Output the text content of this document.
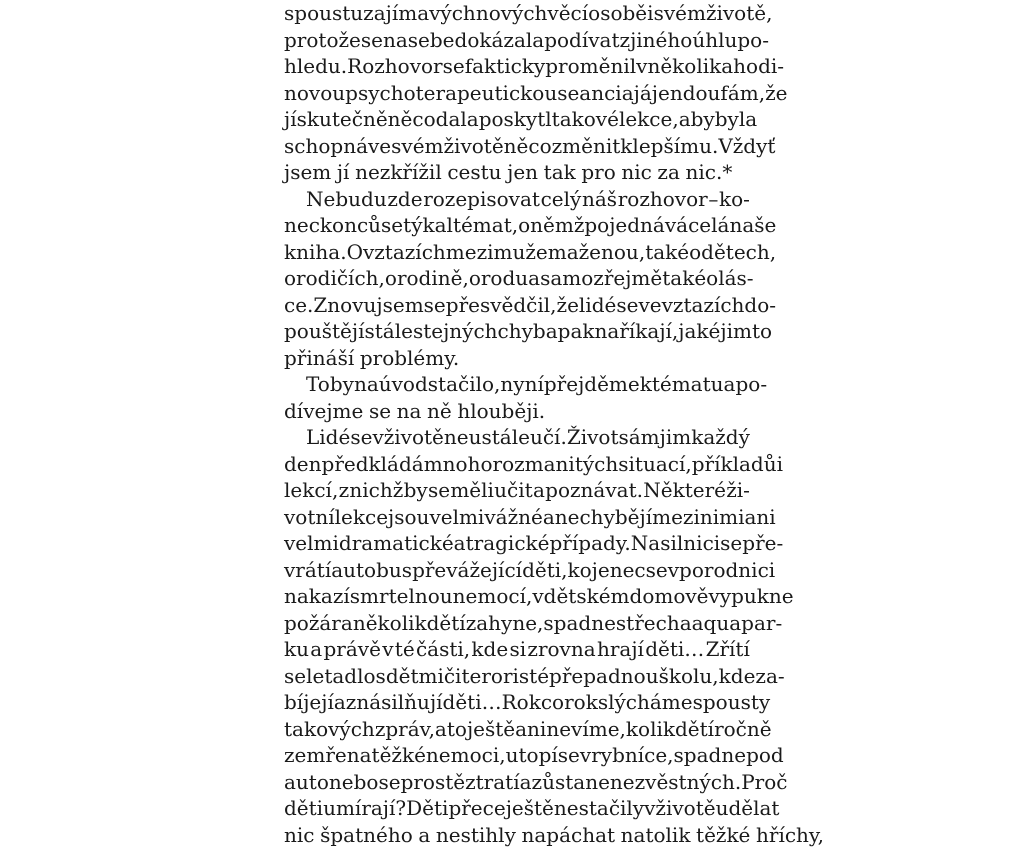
spoustu zajímavých nových věcí o sobě i svém životě,
protože se na sebe dokázala podívat z jiného úhlu po-
hledu. Rozhovor se fakticky proměnil v několikahodi-
novou psychoterapeutickou seanci a já jen doufám, že
jí skutečně něco dal a poskytl takové lekce, aby byla
schopná ve svém životě něco změnit k lepšímu. Vždyť
jsem jí nezkřížil cestu jen tak pro nic za nic.*
Nebudu zde rozepisovat celý náš rozhovor – ko-
neckonců se týkal témat, o němž pojednává celá naše
kniha. O vztazích mezi mužem a ženou, také o dětech,
o rodičích, o rodině, o rodu a samozřejmě také o lás-
ce. Znovu jsem se přesvědčil, že lidé se ve vztazích do-
pouštějí stále stejných chyb a pak naříkají, jaké jim to
přináší problémy.
To by na úvod stačilo, nyní přejděme k tématu a po-
dívejme se na ně hlouběji.
Lidé se v životě neustále učí. Život sám jim každý
den předkládá mnoho rozmanitých situací, příkladů i
lekcí, z nichž by se měli učit a poznávat. Některé ži-
votní lekce jsou velmi vážné a nechybějí mezi nimi ani
velmi dramatické a tragické případy. Na silnici se pře-
vrátí autobus převážející děti, kojenec se v porodnici
nakazí smrtelnou nemocí, v dětském domově vypukne
požár a několik dětí zahyne, spadne střecha aquapar-
ku a právě v té části, kde si zrovna hrají děti… Zřítí
se letadlo s dětmi či teroristé přepadnou školu, kde za-
bíjejí a znásilňují děti… Rok co rok slýcháme spousty
takových zpráv, a to ještě ani nevíme, kolik dětí ročně
zemře na těžké nemoci, utopí se v rybníce, spadne pod
auto nebo se prostě ztratí a zůstane nezvěstných. Proč
děti umírají? Děti přece ještě nestačily v životě udělat
nic špatného a nestihly napáchat natolik těžké hříchy,
